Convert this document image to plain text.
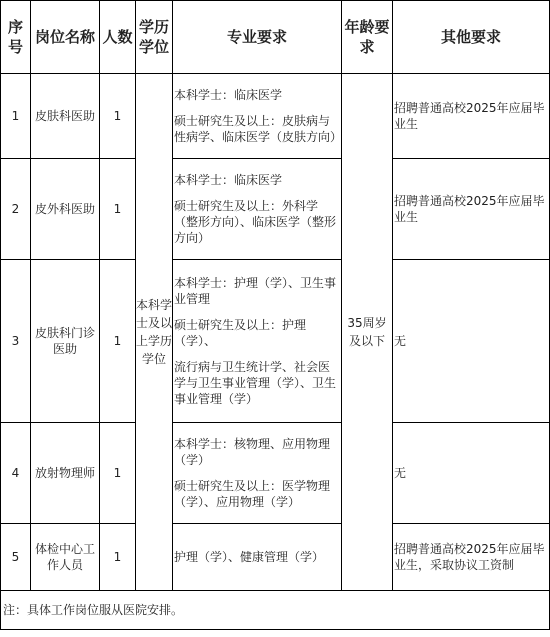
序号	岗位名称	人数	学历学位	专业要求	年龄要求	其他要求
1	皮肤科医助	1	本科学士及以上学历学位	本科学士：临床医学
硕士研究生及以上：皮肤病与性病学、临床医学（皮肤方向）	35周岁及以下	招聘普通高校2025年应届毕业生
2	皮外科医助	1		本科学士：临床医学
硕士研究生及以上：外科学（整形方向）、临床医学（整形方向）		招聘普通高校2025年应届毕业生
3	皮肤科门诊医助	1		本科学士：护理（学）、卫生事业管理
硕士研究生及以上：护理（学）、
流行病与卫生统计学、社会医学与卫生事业管理（学）、卫生事业管理（学）		无
4	放射物理师	1		本科学士：核物理、应用物理（学）
硕士研究生及以上：医学物理（学）、应用物理（学）		无
5	体检中心工作人员	1		护理（学）、健康管理（学）		招聘普通高校2025年应届毕业生，采取协议工资制
注：具体工作岗位服从医院安排。						
